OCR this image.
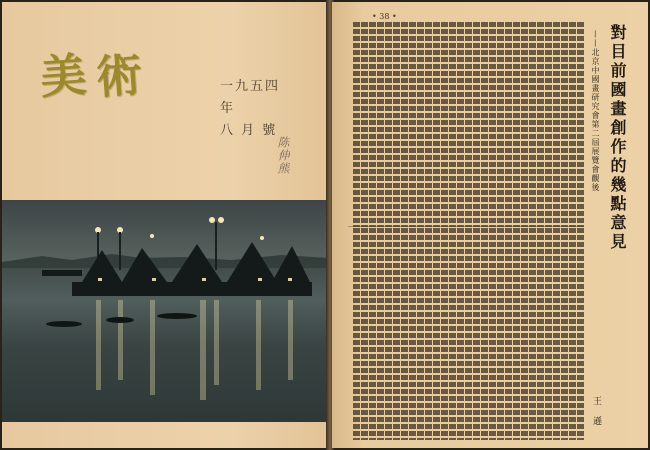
美 術	一九五四年
八 月 號
陈伸熊
• 38 •
對目前國畫創作的幾點意見
——北京中國畫研究會第二屆展覽會觀後
王 遜
